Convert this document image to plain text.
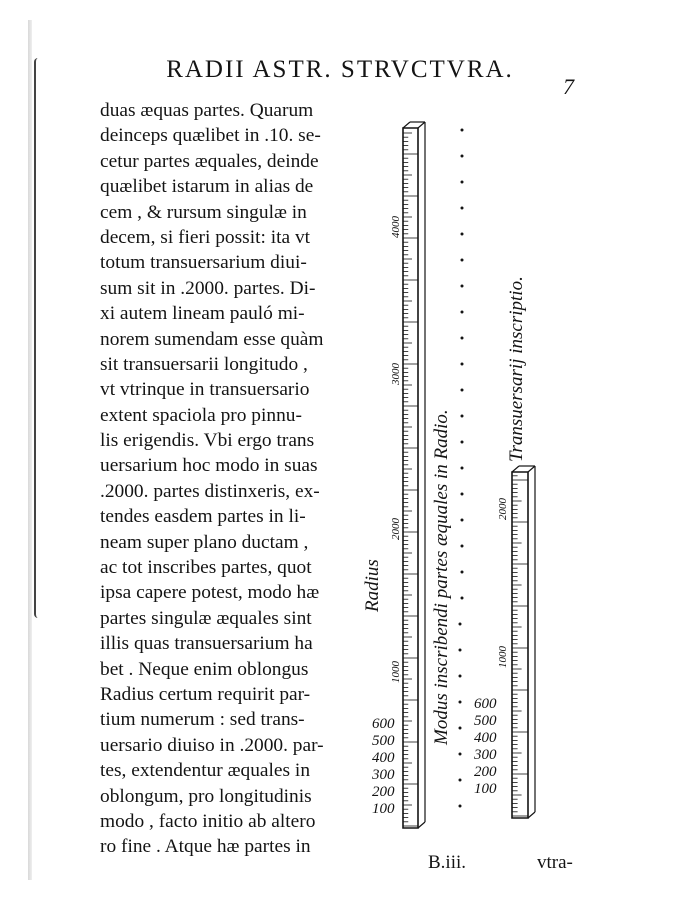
RADII ASTR. STRVCTVRA.
7
duas æquas partes. Quarum
deinceps quælibet in .10. se-
cetur partes æquales, deinde
quælibet istarum in alias de
cem , & rursum singulæ in
decem, si fieri possit: ita vt
totum transuersarium diui-
sum sit in .2000. partes. Di-
xi autem lineam pauló mi-
norem sumendam esse quàm
sit transuersarii longitudo ,
vt vtrinque in transuersario
extent spaciola pro pinnu-
lis erigendis. Vbi ergo trans
uersarium hoc modo in suas
.2000. partes distinxeris, ex-
tendes easdem partes in li-
neam super plano ductam ,
ac tot inscribes partes, quot
ipsa capere potest, modo hæ
partes singulæ æquales sint
illis quas transuersarium ha
bet . Neque enim oblongus
Radius certum requirit par-
tium numerum : sed trans-
uersario diuiso in .2000. par-
tes, extendentur æquales in
oblongum, pro longitudinis
modo , facto initio ab altero
ro fine . Atque hæ partes in
4000
3000
2000
1000
600
500
400
300
200
100
2000
1000
600
500
400
300
200
100
Radius	Modus inscribendi partes æquales in Radio.
Transuersarij inscriptio.
B.iii.	vtra-
